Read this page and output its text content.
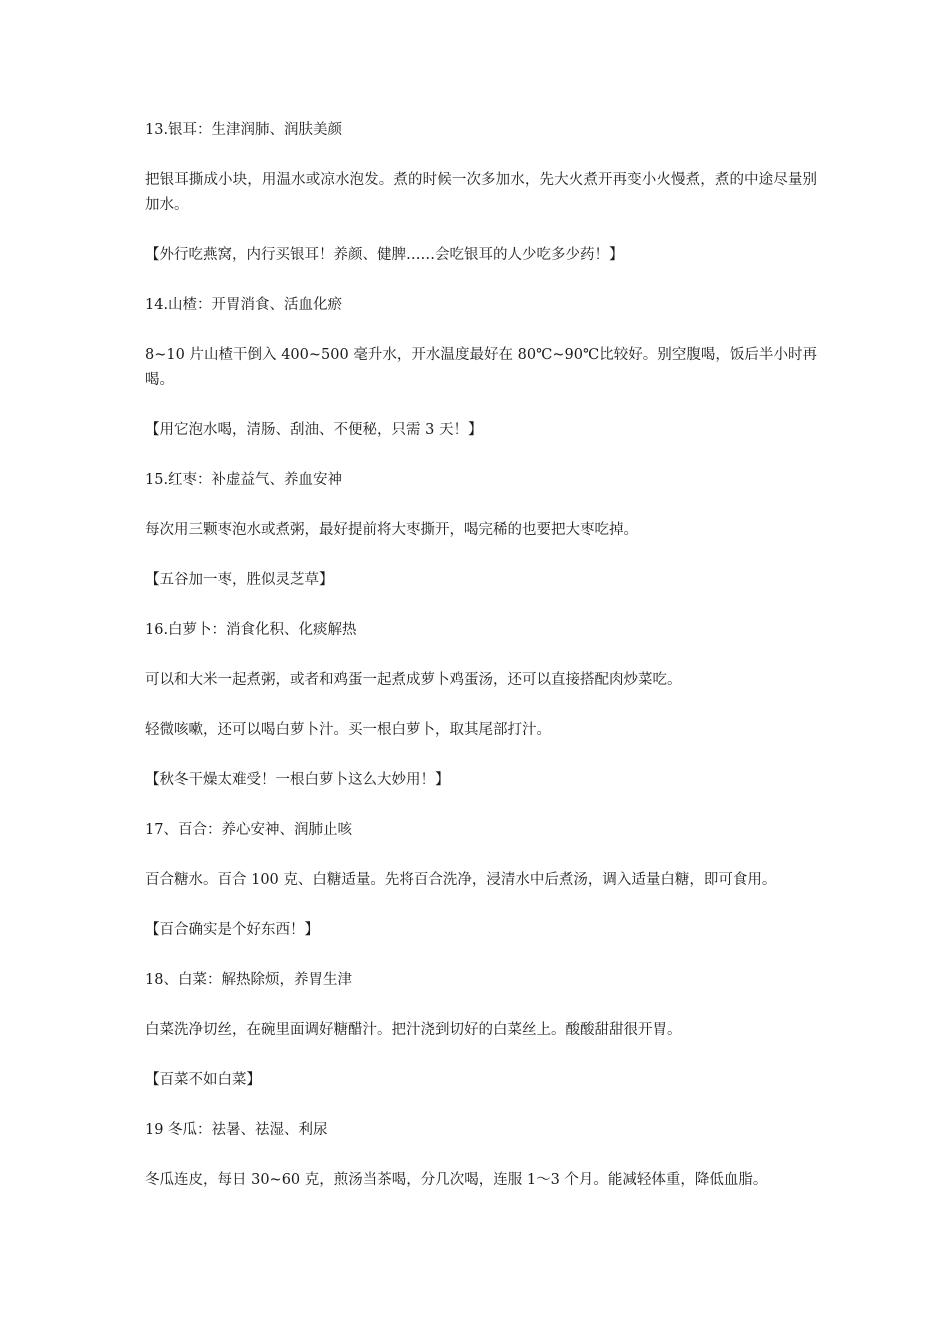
13.银耳：生津润肺、润肤美颜

把银耳撕成小块，用温水或凉水泡发。煮的时候一次多加水，先大火煮开再变小火慢煮，煮的中途尽量别加水。

【外行吃燕窝，内行买银耳！养颜、健脾……会吃银耳的人少吃多少药！】

14.山楂：开胃消食、活血化瘀

8~10 片山楂干倒入 400~500 毫升水，开水温度最好在 80℃~90℃比较好。别空腹喝，饭后半小时再喝。

【用它泡水喝，清肠、刮油、不便秘，只需 3 天！】

15.红枣：补虚益气、养血安神

每次用三颗枣泡水或煮粥，最好提前将大枣撕开，喝完稀的也要把大枣吃掉。

【五谷加一枣，胜似灵芝草】

16.白萝卜：消食化积、化痰解热

可以和大米一起煮粥，或者和鸡蛋一起煮成萝卜鸡蛋汤，还可以直接搭配肉炒菜吃。

轻微咳嗽，还可以喝白萝卜汁。买一根白萝卜，取其尾部打汁。

【秋冬干燥太难受！一根白萝卜这么大妙用！】

17、百合：养心安神、润肺止咳

百合糖水。百合 100 克、白糖适量。先将百合洗净，浸清水中后煮汤，调入适量白糖，即可食用。

【百合确实是个好东西！】

18、白菜：解热除烦，养胃生津

白菜洗净切丝，在碗里面调好糖醋汁。把汁浇到切好的白菜丝上。酸酸甜甜很开胃。

【百菜不如白菜】

19 冬瓜：祛暑、祛湿、利尿

冬瓜连皮，每日 30~60 克，煎汤当茶喝，分几次喝，连服 1～3 个月。能减轻体重，降低血脂。
